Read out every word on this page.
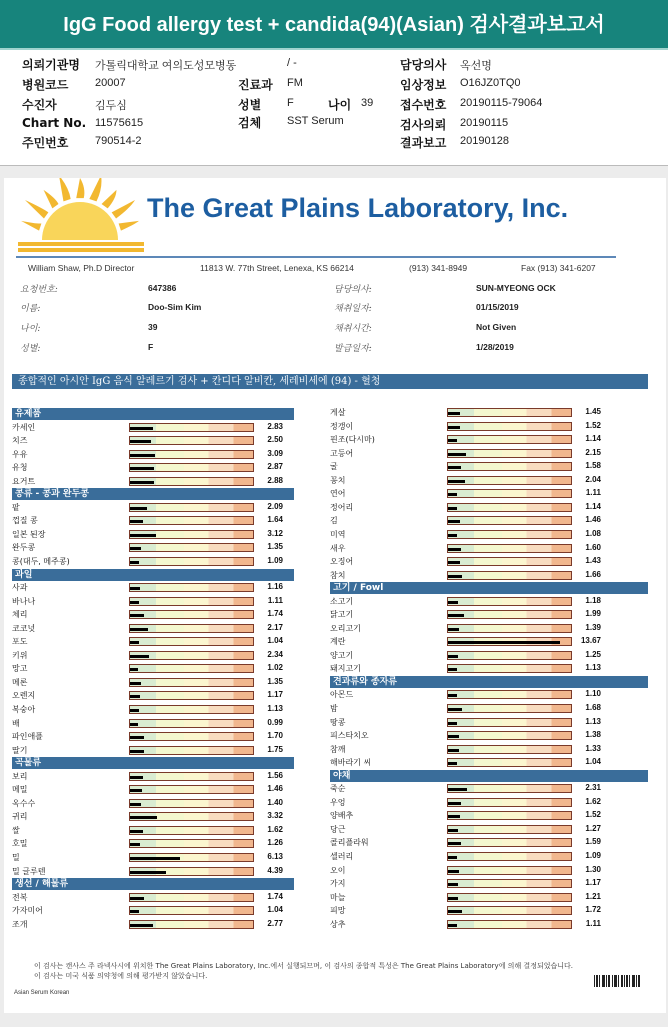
IgG Food allergy test + candida(94)(Asian) 검사결과보고서
의뢰기관명 가톨릭대학교 여의도성모병동	/ -
병원코드 20007
수진자	김두심
Chart No. 11575615
주민번호 790514-2
진료과 FM
성별 F	나이 39
검체 SST Serum
담당의사 옥선명
임상정보 O16JZ0TQ0
접수번호 20190115-79064
검사의뢰 20190115
결과보고 20190128
The Great Plains Laboratory, Inc.
William Shaw, Ph.D Director	11813 W. 77th Street, Lenexa, KS 66214	(913) 341-8949	Fax (913) 341-6207
요청번호:	647386
이름:	Doo-Sim Kim
나이:	39
성별:	F
담당의사:	SUN-MYEONG OCK
채취일자:	01/15/2019
채취시간:	Not Given
발급일자:	1/28/2019
종합적인 아시안 IgG 음식 알레르기 검사 + 칸디다 알비칸, 세레비세에 (94) - 혈청
유제품
카세인	2.83
치즈	2.50
우유	3.09
유청	2.87
요거트	2.88
콩류 - 콩과 완두콩
팥	2.09
껍질 콩	1.64
일본 된장	3.12
완두콩	1.35
콩(대두, 메주콩)	1.09
과일
사과	1.16
바나나	1.11
체리	1.74
코코넛	2.17
포도	1.04
키위	2.34
망고	1.02
메론	1.35
오렌지	1.17
복숭아	1.13
배	0.99
파인애플	1.70
딸기	1.75
곡물류
보리	1.56
메밀	1.46
옥수수	1.40
귀리	3.32
쌀	1.62
호밀	1.26
밀	6.13
밀 글루텐	4.39
생선 / 해물류
전복	1.74
가자미어	1.04
조개	2.77
게살	1.45
정갱이	1.52
핀조(다시마)	1.14
고등어	2.15
굴	1.58
꽁치	2.04
연어	1.11
정어리	1.14
김	1.46
미역	1.08
새우	1.60
오징어	1.43
참치	1.66
고기 / Fowl
소고기	1.18
닭고기	1.99
오리고기	1.39
계란	13.67
양고기	1.25
돼지고기	1.13
견과류와 종자류
아몬드	1.10
밤	1.68
땅콩	1.13
피스타치오	1.38
참깨	1.33
해바라기 씨	1.04
야채
죽순	2.31
우엉	1.62
양배추	1.52
당근	1.27
콜리플라워	1.59
셀러리	1.09
오이	1.30
가지	1.17
마늘	1.21
피망	1.72
상추	1.11
이 검사는 캔사스 주 라넥사시에 위치한 The Great Plains Laboratory, Inc.에서 실행되므며, 이 검사의 종합적 특성은 The Great Plains Laboratory에 의해 결정되었습니다. 이 검사는 미국 식품 의약청에 의해 평가받지 않았습니다.
Asian Serum Korean
